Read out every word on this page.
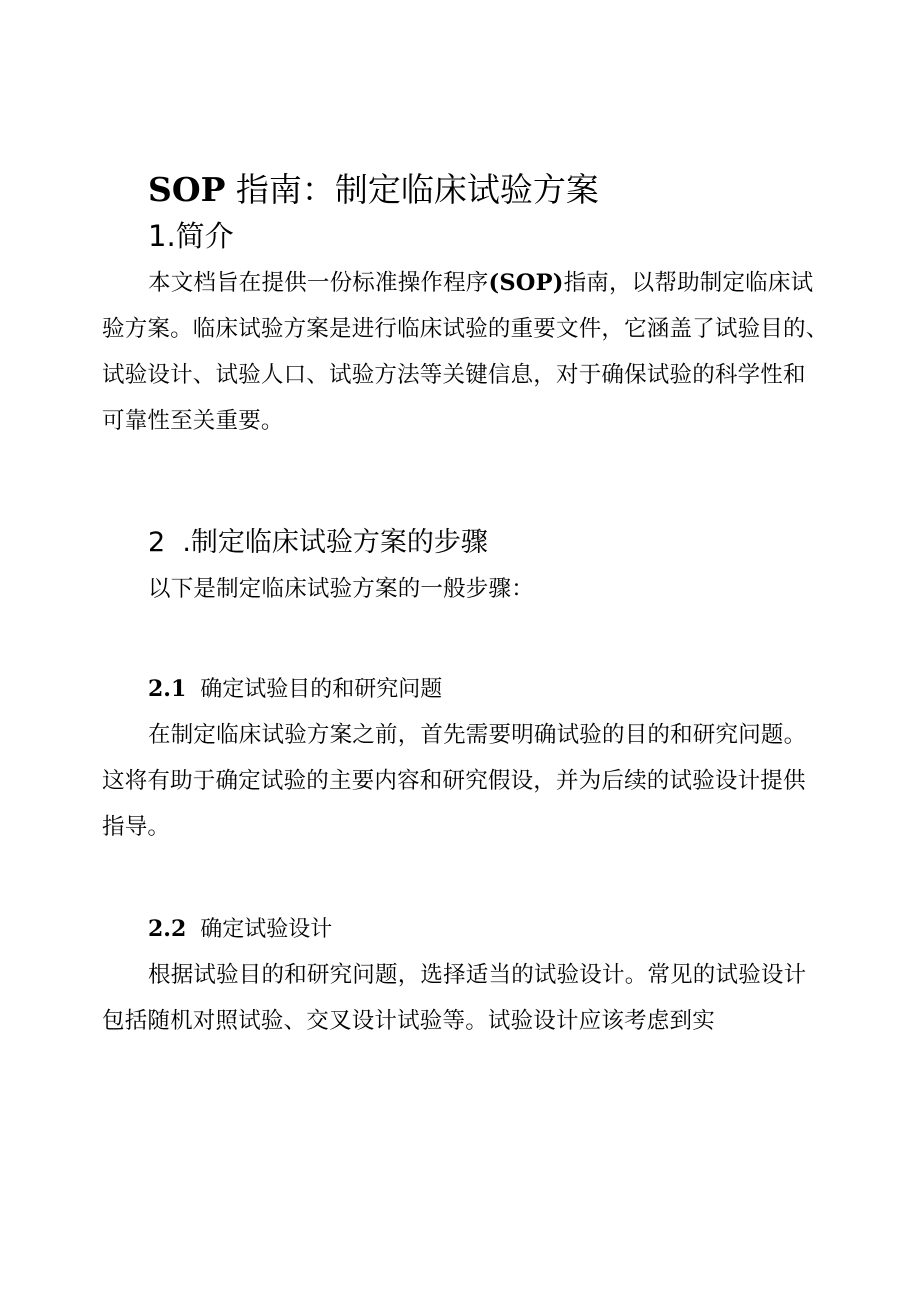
SOP 指南：制定临床试验方案
1.简介
本文档旨在提供一份标准操作程序(SOP)指南，以帮助制定临床试
验方案。临床试验方案是进行临床试验的重要文件，它涵盖了试验目的、
试验设计、试验人口、试验方法等关键信息，对于确保试验的科学性和
可靠性至关重要。
2  .制定临床试验方案的步骤
以下是制定临床试验方案的一般步骤：
2.1 确定试验目的和研究问题
在制定临床试验方案之前，首先需要明确试验的目的和研究问题。
这将有助于确定试验的主要内容和研究假设，并为后续的试验设计提供
指导。
2.2 确定试验设计
根据试验目的和研究问题，选择适当的试验设计。常见的试验设计
包括随机对照试验、交叉设计试验等。试验设计应该考虑到实
